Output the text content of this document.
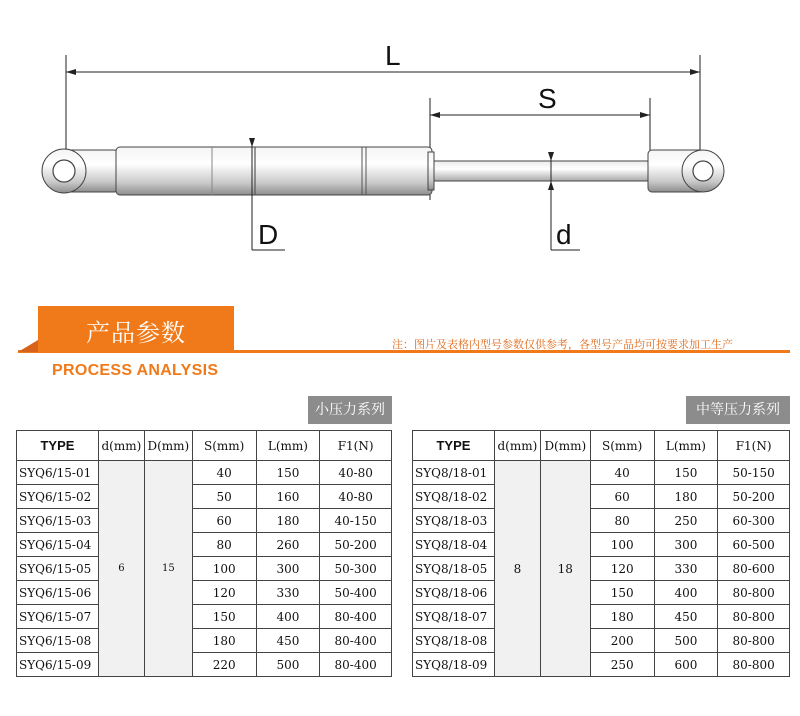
L
S
D	d
产品参数	注：图片及表格内型号参数仅供参考，各型号产品均可按要求加工生产
PROCESS ANALYSIS
小压力系列	中等压力系列
TYPE	d(mm)	D(mm)	S(mm)	L(mm)	F1(N)
SYQ6/15-01	6	15	40	150	40-80
SYQ6/15-02			50	160	40-80
SYQ6/15-03			60	180	40-150
SYQ6/15-04			80	260	50-200
SYQ6/15-05			100	300	50-300
SYQ6/15-06			120	330	50-400
SYQ6/15-07			150	400	80-400
SYQ6/15-08			180	450	80-400
SYQ6/15-09			220	500	80-400
TYPE	d(mm)	D(mm)	S(mm)	L(mm)	F1(N)
SYQ8/18-01	8	18	40	150	50-150
SYQ8/18-02			60	180	50-200
SYQ8/18-03			80	250	60-300
SYQ8/18-04			100	300	60-500
SYQ8/18-05			120	330	80-600
SYQ8/18-06			150	400	80-800
SYQ8/18-07			180	450	80-800
SYQ8/18-08			200	500	80-800
SYQ8/18-09			250	600	80-800
